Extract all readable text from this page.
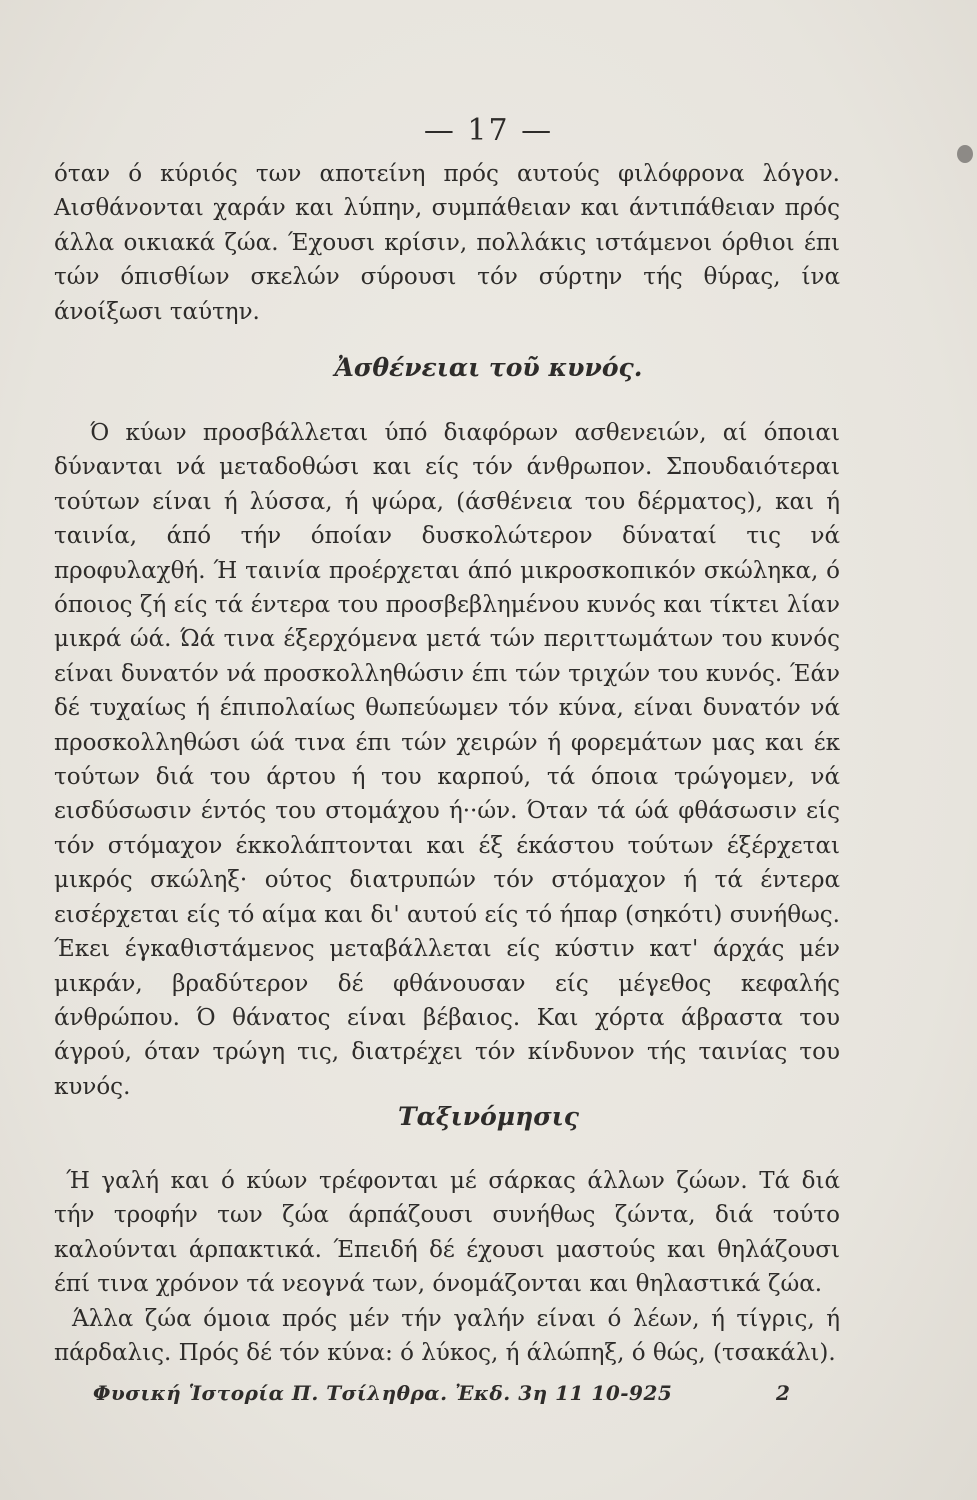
— 17 —

όταν ό κύριός των αποτείνη πρός αυτούς φιλόφρονα λόγον. Αισθάνονται χαράν και λύπην, συμπάθειαν και άντιπάθειαν πρός άλλα οικιακά ζώα. Έχουσι κρίσιν, πολλάκις ιστάμενοι όρθιοι έπι τών όπισθίων σκελών σύρουσι τόν σύρτην τής θύρας, ίνα άνοίξωσι ταύτην.

Ἀσθένειαι τοῦ κυνός.

Ό κύων προσβάλλεται ύπό διαφόρων ασθενειών, αί όποιαι δύνανται νά μεταδοθώσι και είς τόν άνθρωπον. Σπουδαιότεραι τούτων είναι ή λύσσα, ή ψώρα, (άσθένεια του δέρματος), και ή ταινία, άπό τήν όποίαν δυσκολώτερον δύναταί τις νά προφυλαχθή. Ή ταινία προέρχεται άπό μικροσκοπικόν σκώληκα, ό όποιος ζή είς τά έντερα του προσβεβλημένου κυνός και τίκτει λίαν μικρά ώά. Ώά τινα έξερχόμενα μετά τών περιττωμάτων του κυνός είναι δυνατόν νά προσκολληθώσιν έπι τών τριχών του κυνός. Έάν δέ τυχαίως ή έπιπολαίως θωπεύωμεν τόν κύνα, είναι δυνατόν νά προσκολληθώσι ώά τινα έπι τών χειρών ή φορεμάτων μας και έκ τούτων διά του άρτου ή του καρπού, τά όποια τρώγομεν, νά εισδύσωσιν έντός του στομάχου ή··ών. Όταν τά ώά φθάσωσιν είς τόν στόμαχον έκκολάπτονται και έξ έκάστου τούτων έξέρχεται μικρός σκώληξ· ούτος διατρυπών τόν στόμαχον ή τά έντερα εισέρχεται είς τό αίμα και δι' αυτού είς τό ήπαρ (σηκότι) συνήθως. Έκει έγκαθιστάμενος μεταβάλλεται είς κύστιν κατ' άρχάς μέν μικράν, βραδύτερον δέ φθάνουσαν είς μέγεθος κεφαλής άνθρώπου. Ό θάνατος είναι βέβαιος. Και χόρτα άβραστα του άγρού, όταν τρώγη τις, διατρέχει τόν κίνδυνον τής ταινίας του κυνός.

Ταξινόμησις

Ή γαλή και ό κύων τρέφονται μέ σάρκας άλλων ζώων. Τά διά τήν τροφήν των ζώα άρπάζουσι συνήθως ζώντα, διά τούτο καλούνται άρπακτικά. Έπειδή δέ έχουσι μαστούς και θηλάζουσι έπί τινα χρόνον τά νεογνά των, όνομάζονται και θηλαστικά ζώα.

Άλλα ζώα όμοια πρός μέν τήν γαλήν είναι ό λέων, ή τίγρις, ή πάρδαλις. Πρός δέ τόν κύνα: ό λύκος, ή άλώπηξ, ό θώς, (τσακάλι).

Φυσική Ἱστορία Π. Τσίληθρα. Ἐκδ. 3η 11 10-925	2
